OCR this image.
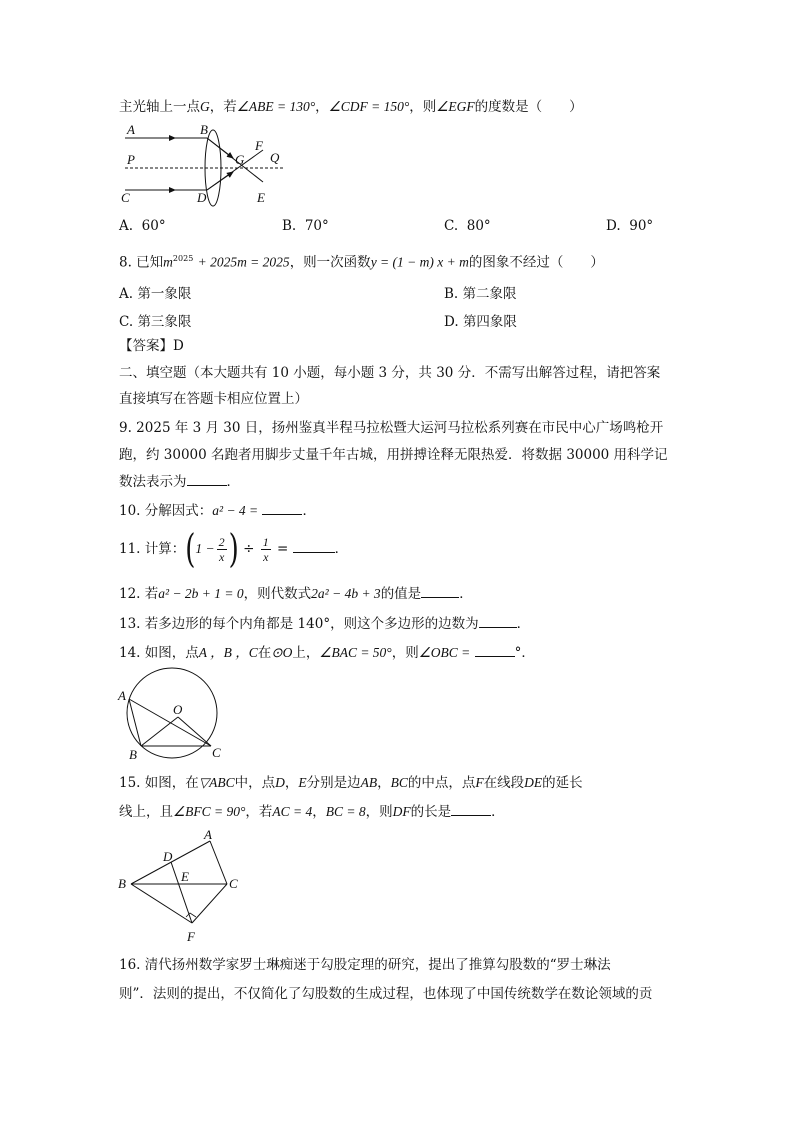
主光轴上一点G，若∠ABE = 130°，∠CDF = 150°，则∠EGF的度数是（　　）
A	B
P	G
F
Q
C	D	E
A. 60°	B. 70°	C. 80°	D. 90°
8. 已知$m^{2025} + 2025m = 2025$，则一次函数y = (1 − m) x + m的图象不经过（　　）
A. 第一象限	B. 第二象限
C. 第三象限	D. 第四象限
【答案】D
二、填空题（本大题共有 10 小题，每小题 3 分，共 30 分．不需写出解答过程，请把答案
直接填写在答题卡相应位置上）
9. 2025 年 3 月 30 日，扬州鉴真半程马拉松暨大运河马拉松系列赛在市民中心广场鸣枪开
跑，约 30000 名跑者用脚步丈量千年古城，用拼搏诠释无限热爱．将数据 30000 用科学记
数法表示为	．
10. 分解因式：a² − 4 =	．
11. 计算：($1 - \frac{2}{x}$ ) ÷ $\frac{1}{x}$ =	．
12. 若a² − 2b + 1 = 0，则代数式2a² − 4b + 3的值是	．
13. 若多边形的每个内角都是 140°，则这个多边形的边数为	．
14. 如图，点A ，B ，C在⊙O上，∠BAC = 50°，则∠OBC =	°．
A
O
B	C
15. 如图，在▽ABC中，点D，E分别是边AB，BC的中点，点F在线段DE的延长
线上，且∠BFC = 90°，若AC = 4，BC = 8，则DF的长是	．
A
D
E
B	C
F
16. 清代扬州数学家罗士琳痴迷于勾股定理的研究，提出了推算勾股数的“罗士琳法
则”．法则的提出，不仅简化了勾股数的生成过程，也体现了中国传统数学在数论领域的贡
